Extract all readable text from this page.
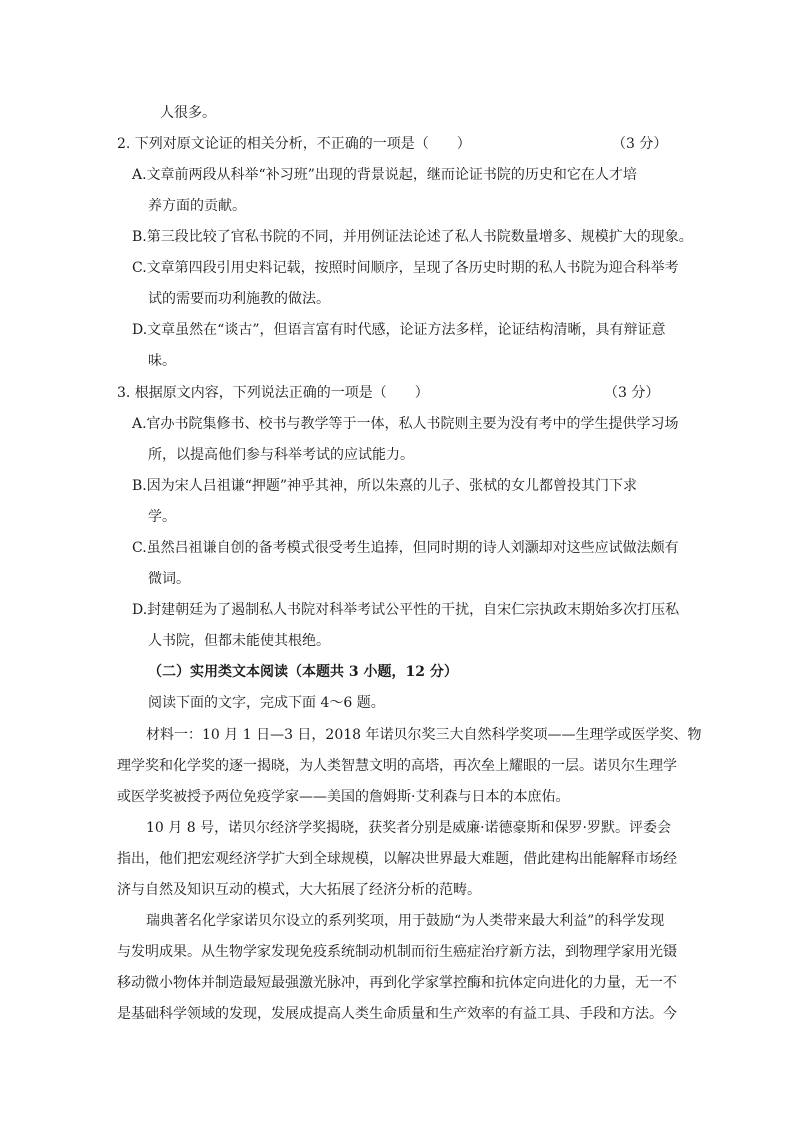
人很多。
2. 下列对原文论证的相关分析，不正确的一项是（　　）	（3 分）
A.文章前两段从科举“补习班”出现的背景说起，继而论证书院的历史和它在人才培
养方面的贡献。
B.第三段比较了官私书院的不同，并用例证法论述了私人书院数量增多、规模扩大的现象。
C.文章第四段引用史料记载，按照时间顺序，呈现了各历史时期的私人书院为迎合科举考
试的需要而功利施教的做法。
D.文章虽然在“谈古”，但语言富有时代感，论证方法多样，论证结构清晰，具有辩证意
味。
3. 根据原文内容，下列说法正确的一项是（　　）	（3 分）
A.官办书院集修书、校书与教学等于一体，私人书院则主要为没有考中的学生提供学习场
所，以提高他们参与科举考试的应试能力。
B.因为宋人吕祖谦“押题”神乎其神，所以朱熹的儿子、张栻的女儿都曾投其门下求
学。
C.虽然吕祖谦自创的备考模式很受考生追捧，但同时期的诗人刘灏却对这些应试做法颇有
微词。
D.封建朝廷为了遏制私人书院对科举考试公平性的干扰，自宋仁宗执政末期始多次打压私
人书院，但都未能使其根绝。
（二）实用类文本阅读（本题共 3 小题，12 分）
阅读下面的文字，完成下面 4～6 题。
材料一：10 月 1 日—3 日，2018 年诺贝尔奖三大自然科学奖项——生理学或医学奖、物
理学奖和化学奖的逐一揭晓，为人类智慧文明的高塔，再次垒上耀眼的一层。诺贝尔生理学
或医学奖被授予两位免疫学家——美国的詹姆斯·艾利森与日本的本庶佑。
10 月 8 号，诺贝尔经济学奖揭晓，获奖者分别是威廉·诺德豪斯和保罗·罗默。评委会
指出，他们把宏观经济学扩大到全球规模，以解决世界最大难题，借此建构出能解释市场经
济与自然及知识互动的模式，大大拓展了经济分析的范畴。
瑞典著名化学家诺贝尔设立的系列奖项，用于鼓励“为人类带来最大利益”的科学发现
与发明成果。从生物学家发现免疫系统制动机制而衍生癌症治疗新方法，到物理学家用光镊
移动微小物体并制造最短最强激光脉冲，再到化学家掌控酶和抗体定向进化的力量，无一不
是基础科学领域的发现，发展成提高人类生命质量和生产效率的有益工具、手段和方法。今
